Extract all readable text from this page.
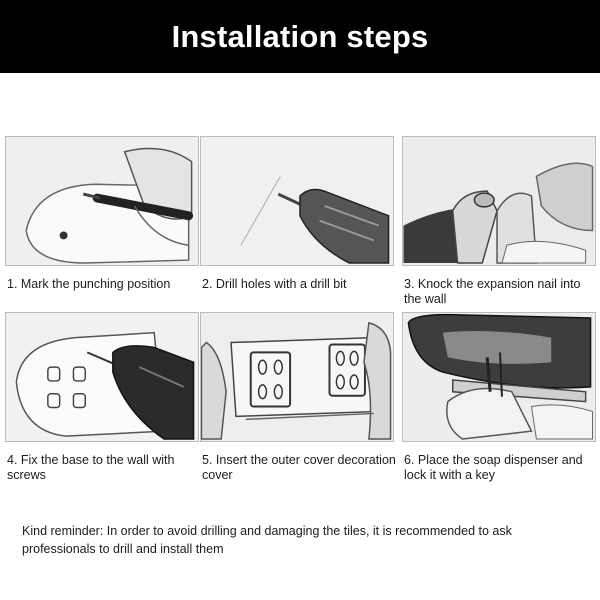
Installation steps
1. Mark the punching position	2. Drill holes with a drill bit	3. Knock the expansion nail into the wall
4. Fix the base to the wall with screws
5. Insert the outer cover decoration cover
6. Place the soap dispenser and lock it with a key
Kind reminder: In order to avoid drilling and damaging the tiles, it is recommended to ask professionals to drill and install them
